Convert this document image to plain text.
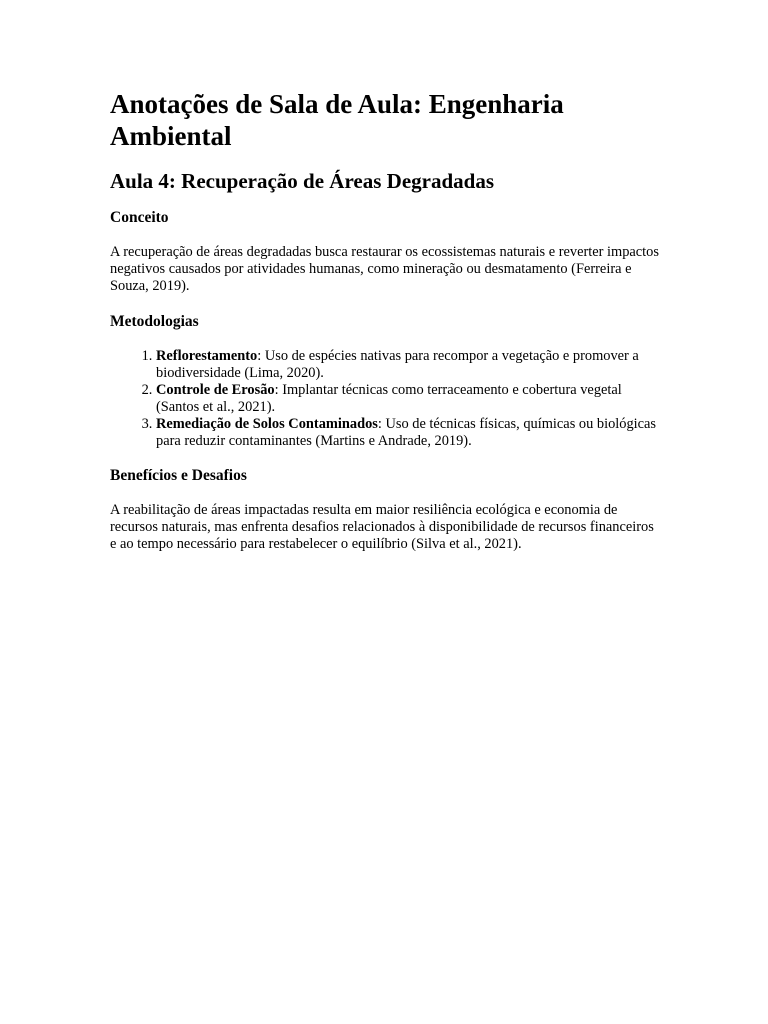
Anotações de Sala de Aula: Engenharia Ambiental
Aula 4: Recuperação de Áreas Degradadas
Conceito

A recuperação de áreas degradadas busca restaurar os ecossistemas naturais e reverter impactos negativos causados por atividades humanas, como mineração ou desmatamento (Ferreira e Souza, 2019).

Metodologias
1. Reflorestamento: Uso de espécies nativas para recompor a vegetação e promover a biodiversidade (Lima, 2020).
2. Controle de Erosão: Implantar técnicas como terraceamento e cobertura vegetal (Santos et al., 2021).
3. Remediação de Solos Contaminados: Uso de técnicas físicas, químicas ou biológicas para reduzir contaminantes (Martins e Andrade, 2019).
Benefícios e Desafios

A reabilitação de áreas impactadas resulta em maior resiliência ecológica e economia de recursos naturais, mas enfrenta desafios relacionados à disponibilidade de recursos financeiros e ao tempo necessário para restabelecer o equilíbrio (Silva et al., 2021).
